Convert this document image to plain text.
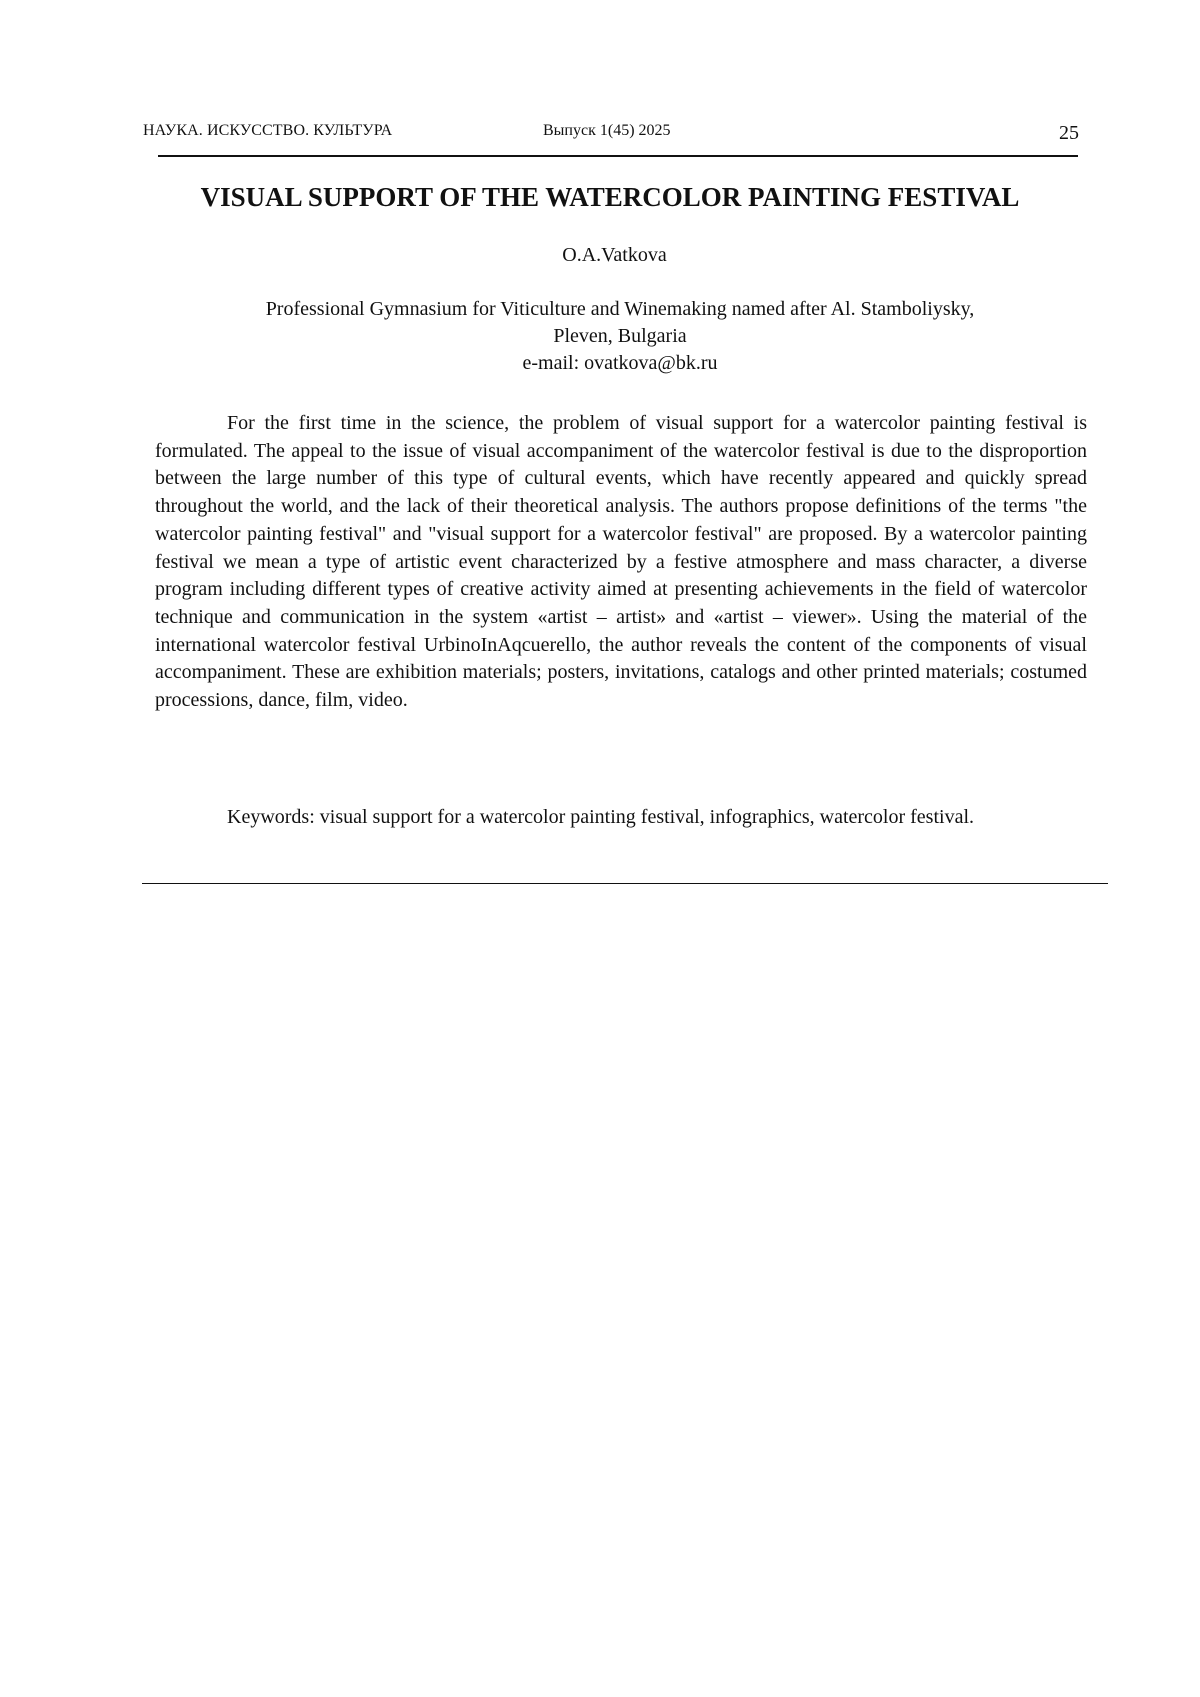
НАУКА. ИСКУССТВО. КУЛЬТУРА	Выпуск 1(45) 2025	25
VISUAL SUPPORT OF THE WATERCOLOR PAINTING FESTIVAL

O.A.Vatkova

Professional Gymnasium for Viticulture and Winemaking named after Al. Stamboliysky,
Pleven, Bulgaria
e-mail: ovatkova@bk.ru

For the first time in the science, the problem of visual support for a watercolor painting festival is formulated. The appeal to the issue of visual accompaniment of the watercolor festival is due to the disproportion between the large number of this type of cultural events, which have recently appeared and quickly spread throughout the world, and the lack of their theoretical analysis. The authors propose definitions of the terms "the watercolor painting festival" and "visual support for a watercolor festival" are proposed. By a watercolor painting festival we mean a type of artistic event characterized by a festive atmosphere and mass character, a diverse program including different types of creative activity aimed at presenting achievements in the field of watercolor technique and communication in the system «artist – artist» and «artist – viewer». Using the material of the international watercolor festival UrbinoInAqcuerello, the author reveals the content of the components of visual accompaniment. These are exhibition materials; posters, invitations, catalogs and other printed materials; costumed processions, dance, film, video.

Keywords: visual support for a watercolor painting festival, infographics, watercolor festival.
